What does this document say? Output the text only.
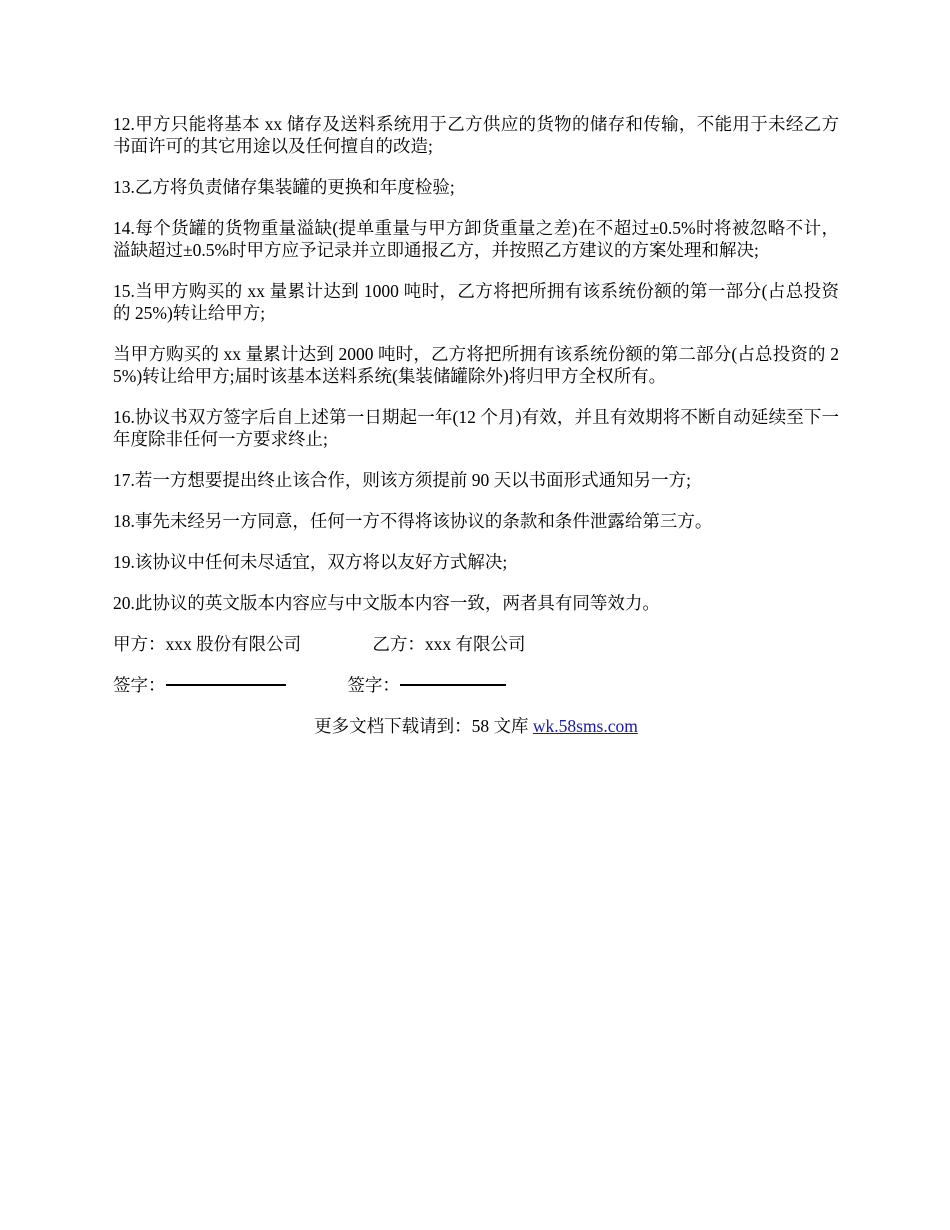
12.甲方只能将基本 xx 储存及送料系统用于乙方供应的货物的储存和传输，不能用于未经乙方书面许可的其它用途以及任何擅自的改造;

13.乙方将负责储存集装罐的更换和年度检验;

14.每个货罐的货物重量溢缺(提单重量与甲方卸货重量之差)在不超过±0.5%时将被忽略不计，溢缺超过±0.5%时甲方应予记录并立即通报乙方，并按照乙方建议的方案处理和解决;

15.当甲方购买的 xx 量累计达到 1000 吨时，乙方将把所拥有该系统份额的第一部分(占总投资的 25%)转让给甲方;

当甲方购买的 xx 量累计达到 2000 吨时，乙方将把所拥有该系统份额的第二部分(占总投资的 25%)转让给甲方;届时该基本送料系统(集装储罐除外)将归甲方全权所有。

16.协议书双方签字后自上述第一日期起一年(12 个月)有效，并且有效期将不断自动延续至下一年度除非任何一方要求终止;

17.若一方想要提出终止该合作，则该方须提前 90 天以书面形式通知另一方;

18.事先未经另一方同意，任何一方不得将该协议的条款和条件泄露给第三方。

19.该协议中任何未尽适宜，双方将以友好方式解决;

20.此协议的英文版本内容应与中文版本内容一致，两者具有同等效力。

甲方：xxx 股份有限公司	乙方：xxx 有限公司
签字：	签字：
更多文档下载请到：58 文库 wk.58sms.com
